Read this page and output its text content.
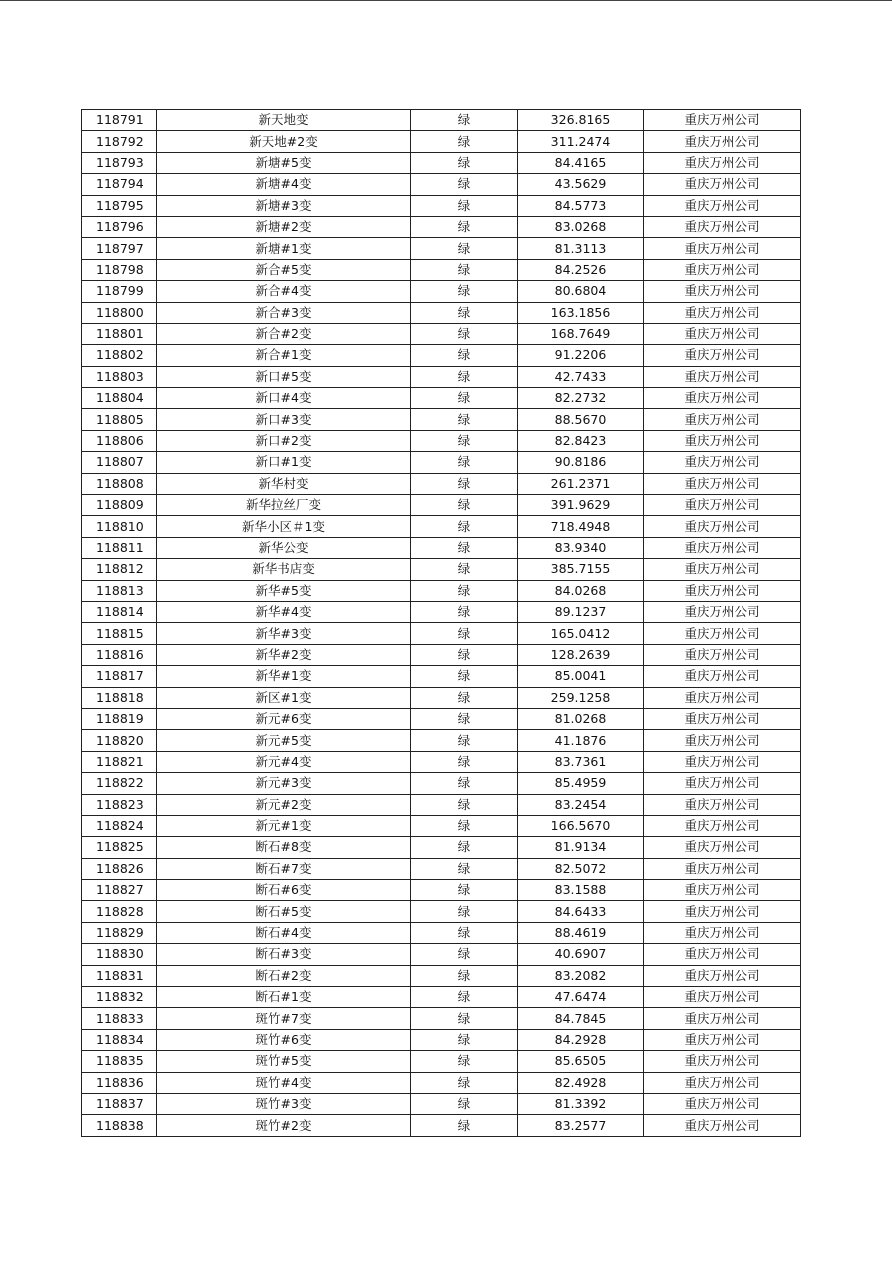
118791	新天地变	绿	326.8165	重庆万州公司
118792	新天地#2变	绿	311.2474	重庆万州公司
118793	新塘#5变	绿	84.4165	重庆万州公司
118794	新塘#4变	绿	43.5629	重庆万州公司
118795	新塘#3变	绿	84.5773	重庆万州公司
118796	新塘#2变	绿	83.0268	重庆万州公司
118797	新塘#1变	绿	81.3113	重庆万州公司
118798	新合#5变	绿	84.2526	重庆万州公司
118799	新合#4变	绿	80.6804	重庆万州公司
118800	新合#3变	绿	163.1856	重庆万州公司
118801	新合#2变	绿	168.7649	重庆万州公司
118802	新合#1变	绿	91.2206	重庆万州公司
118803	新口#5变	绿	42.7433	重庆万州公司
118804	新口#4变	绿	82.2732	重庆万州公司
118805	新口#3变	绿	88.5670	重庆万州公司
118806	新口#2变	绿	82.8423	重庆万州公司
118807	新口#1变	绿	90.8186	重庆万州公司
118808	新华村变	绿	261.2371	重庆万州公司
118809	新华拉丝厂变	绿	391.9629	重庆万州公司
118810	新华小区＃1变	绿	718.4948	重庆万州公司
118811	新华公变	绿	83.9340	重庆万州公司
118812	新华书店变	绿	385.7155	重庆万州公司
118813	新华#5变	绿	84.0268	重庆万州公司
118814	新华#4变	绿	89.1237	重庆万州公司
118815	新华#3变	绿	165.0412	重庆万州公司
118816	新华#2变	绿	128.2639	重庆万州公司
118817	新华#1变	绿	85.0041	重庆万州公司
118818	新区#1变	绿	259.1258	重庆万州公司
118819	新元#6变	绿	81.0268	重庆万州公司
118820	新元#5变	绿	41.1876	重庆万州公司
118821	新元#4变	绿	83.7361	重庆万州公司
118822	新元#3变	绿	85.4959	重庆万州公司
118823	新元#2变	绿	83.2454	重庆万州公司
118824	新元#1变	绿	166.5670	重庆万州公司
118825	断石#8变	绿	81.9134	重庆万州公司
118826	断石#7变	绿	82.5072	重庆万州公司
118827	断石#6变	绿	83.1588	重庆万州公司
118828	断石#5变	绿	84.6433	重庆万州公司
118829	断石#4变	绿	88.4619	重庆万州公司
118830	断石#3变	绿	40.6907	重庆万州公司
118831	断石#2变	绿	83.2082	重庆万州公司
118832	断石#1变	绿	47.6474	重庆万州公司
118833	斑竹#7变	绿	84.7845	重庆万州公司
118834	斑竹#6变	绿	84.2928	重庆万州公司
118835	斑竹#5变	绿	85.6505	重庆万州公司
118836	斑竹#4变	绿	82.4928	重庆万州公司
118837	斑竹#3变	绿	81.3392	重庆万州公司
118838	斑竹#2变	绿	83.2577	重庆万州公司
